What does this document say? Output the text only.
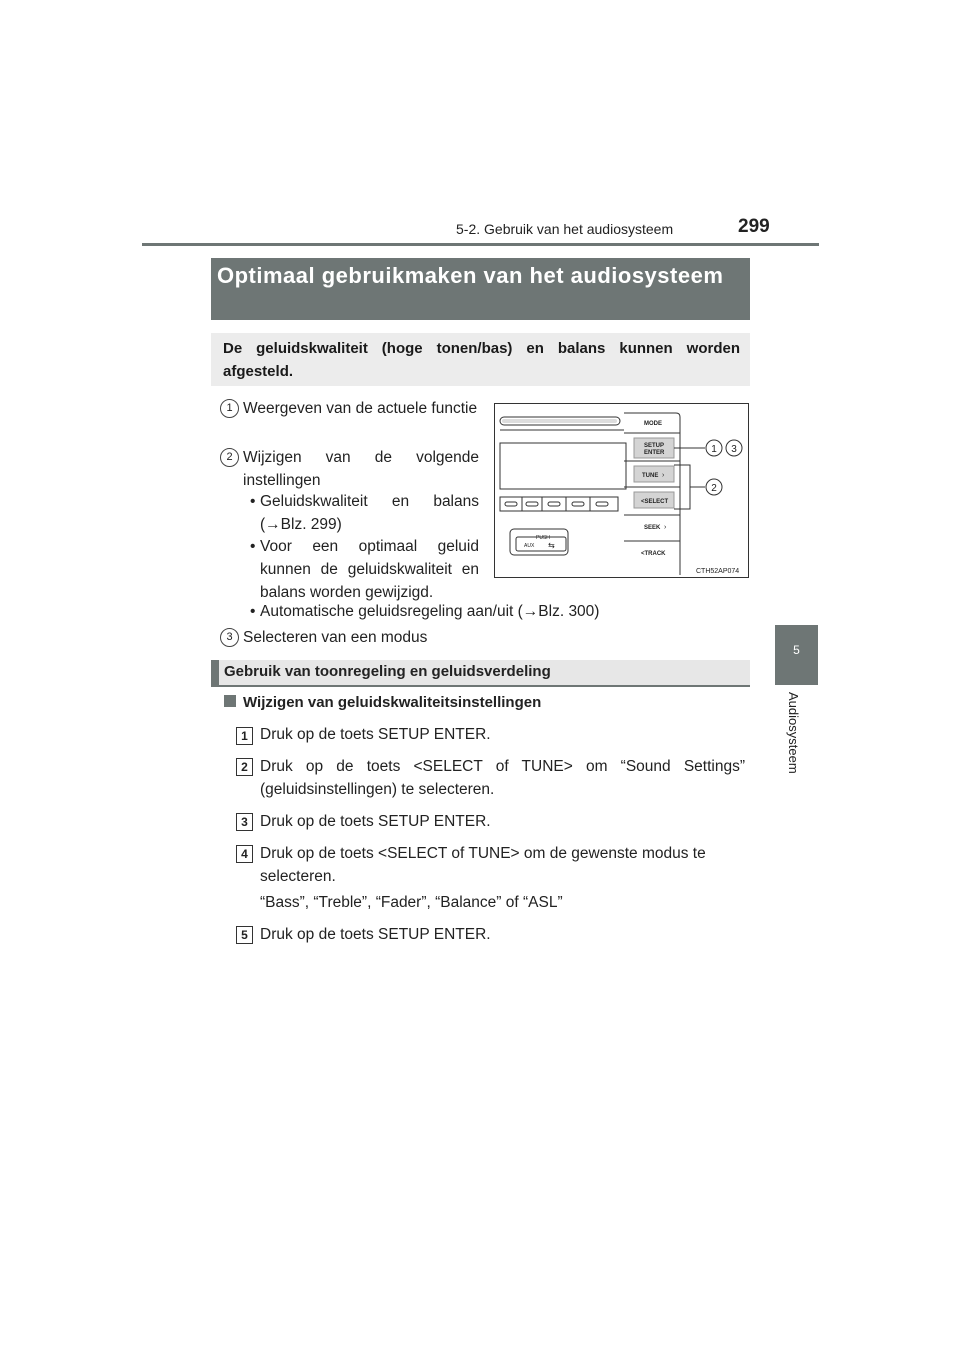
5-2. Gebruik van het audiosysteem	299
5
Audiosysteem
Optimaal gebruikmaken van het audiosysteem
De geluidskwaliteit (hoge tonen/bas) en balans kunnen worden afgesteld.
1 Weergeven van de actuele functie
2 Wijzigen van de volgende instellingen
• Geluidskwaliteit en balans (→Blz. 299)
• Voor een optimaal geluid kunnen de geluidskwaliteit en balans worden gewijzigd.
• Automatische geluidsregeling aan/uit (→Blz. 300)
3 Selecteren van een modus
PUSH
AUX ⇆
MODE
SETUP
ENTER
TUNE
<SELECT
SEEK
<TRACK
›
›
1 3
2
CTH52AP074
Gebruik van toonregeling en geluidsverdeling
Wijzigen van geluidskwaliteitsinstellingen
1 Druk op de toets SETUP ENTER.
2 Druk op de toets <SELECT of TUNE> om “Sound Settings” (geluidsinstellingen) te selecteren.
3 Druk op de toets SETUP ENTER.
4 Druk op de toets <SELECT of TUNE> om de gewenste modus te selecteren.
“Bass”, “Treble”, “Fader”, “Balance” of “ASL”
5 Druk op de toets SETUP ENTER.
